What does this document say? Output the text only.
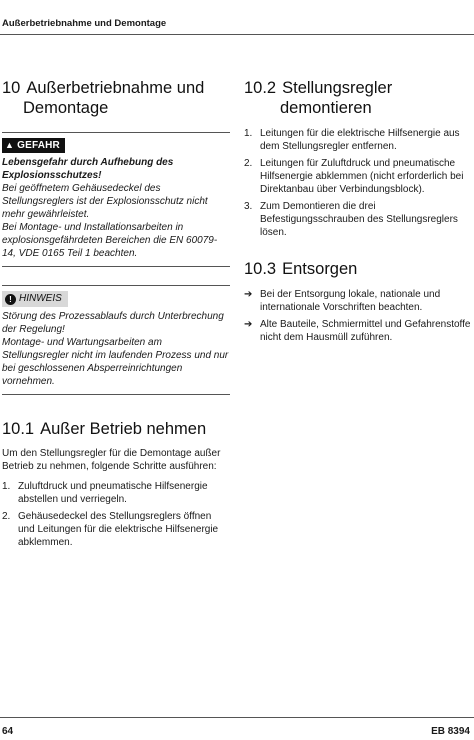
Außerbetriebnahme und Demontage
10 Außerbetriebnahme und Demontage
▲ GEFAHR

Lebensgefahr durch Aufhebung des Explosionsschutzes!

Bei geöffnetem Gehäusedeckel des Stellungsreglers ist der Explosionsschutz nicht mehr gewährleistet.

Bei Montage- und Installationsarbeiten in explosionsgefährdeten Bereichen die EN 60079-14, VDE 0165 Teil 1 beachten.

! HINWEIS

Störung des Prozessablaufs durch Unterbrechung der Regelung!

Montage- und Wartungsarbeiten am Stellungsregler nicht im laufenden Prozess und nur bei geschlossenen Absperreinrichtungen vornehmen.

10.1 Außer Betrieb nehmen

Um den Stellungsregler für die Demontage außer Betrieb zu nehmen, folgende Schritte ausführen:

1. Zuluftdruck und pneumatische Hilfsenergie abstellen und verriegeln.
2. Gehäusedeckel des Stellungsreglers öffnen und Leitungen für die elektrische Hilfsenergie abklemmen.
10.2 Stellungsregler demontieren
1. Leitungen für die elektrische Hilfsenergie aus dem Stellungsregler entfernen.
2. Leitungen für Zuluftdruck und pneumatische Hilfsenergie abklemmen (nicht erforderlich bei Direktanbau über Verbindungsblock).
3. Zum Demontieren die drei Befestigungsschrauben des Stellungsreglers lösen.
10.3 Entsorgen
➔ Bei der Entsorgung lokale, nationale und internationale Vorschriften beachten.
➔ Alte Bauteile, Schmiermittel und Gefahrenstoffe nicht dem Hausmüll zuführen.
64	EB 8394
